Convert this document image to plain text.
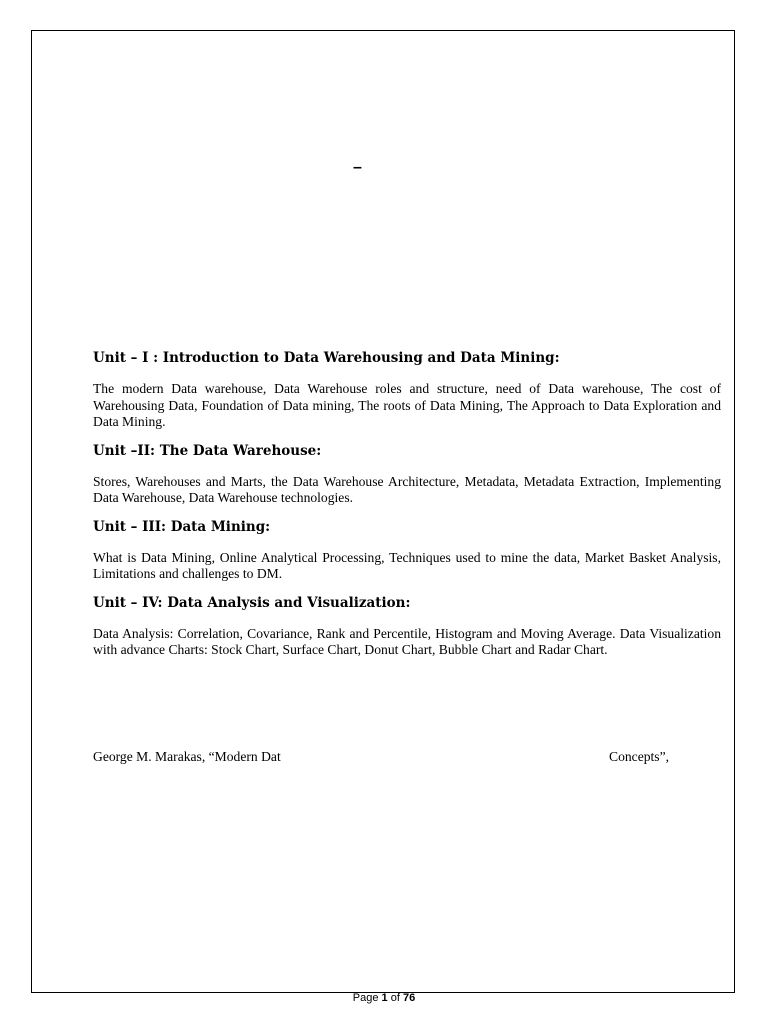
–
Unit – I : Introduction to Data Warehousing and Data Mining:

The modern Data warehouse, Data Warehouse roles and structure, need of Data warehouse, The cost of Warehousing Data, Foundation of Data mining, The roots of Data Mining, The Approach to Data Exploration and Data Mining.

Unit –II: The Data Warehouse:

Stores, Warehouses and Marts, the Data Warehouse Architecture, Metadata, Metadata Extraction, Implementing Data Warehouse, Data Warehouse technologies.

Unit – III: Data Mining:

What is Data Mining, Online Analytical Processing, Techniques used to mine the data, Market Basket Analysis, Limitations and challenges to DM.

Unit – IV: Data Analysis and Visualization:

Data Analysis: Correlation, Covariance, Rank and Percentile, Histogram and Moving Average. Data Visualization with advance Charts: Stock Chart, Surface Chart, Donut Chart, Bubble Chart and Radar Chart.

George M. Marakas, “Modern Dat	Concepts”,
Page 1 of 76
